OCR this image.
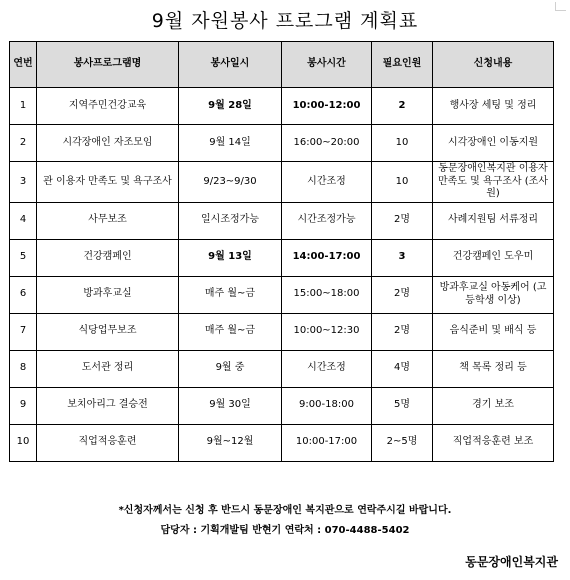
9월 자원봉사 프로그램 계획표
연번	봉사프로그램명	봉사일시	봉사시간	필요인원	신청내용
1	지역주민건강교육	9월 28일	10:00-12:00	2	행사장 세팅 및 정리
2	시각장애인 자조모임	9월 14일	16:00~20:00	10	시각장애인 이동지원
3	관 이용자 만족도 및 욕구조사	9/23~9/30	시간조정	10	동문장애인복지관 이용자 만족도 및 욕구조사 (조사원)
4	사무보조	일시조정가능	시간조정가능	2명	사례지원팀 서류정리
5	건강캠페인	9월 13일	14:00-17:00	3	건강캠페인 도우미
6	방과후교실	매주 월~금	15:00~18:00	2명	방과후교실 아동케어 (고등학생 이상)
7	식당업무보조	매주 월~금	10:00~12:30	2명	음식준비 및 배식 등
8	도서관 정리	9월 중	시간조정	4명	책 목록 정리 등
9	보치아리그 결승전	9월 30일	9:00-18:00	5명	경기 보조
10	직업적응훈련	9월~12월	10:00-17:00	2~5명	직업적응훈련 보조
*신청자께서는 신청 후 반드시 동문장애인 복지관으로 연락주시길 바랍니다.
담당자 : 기획개발팀 반현기 연락처 : 070-4488-5402
동문장애인복지관
